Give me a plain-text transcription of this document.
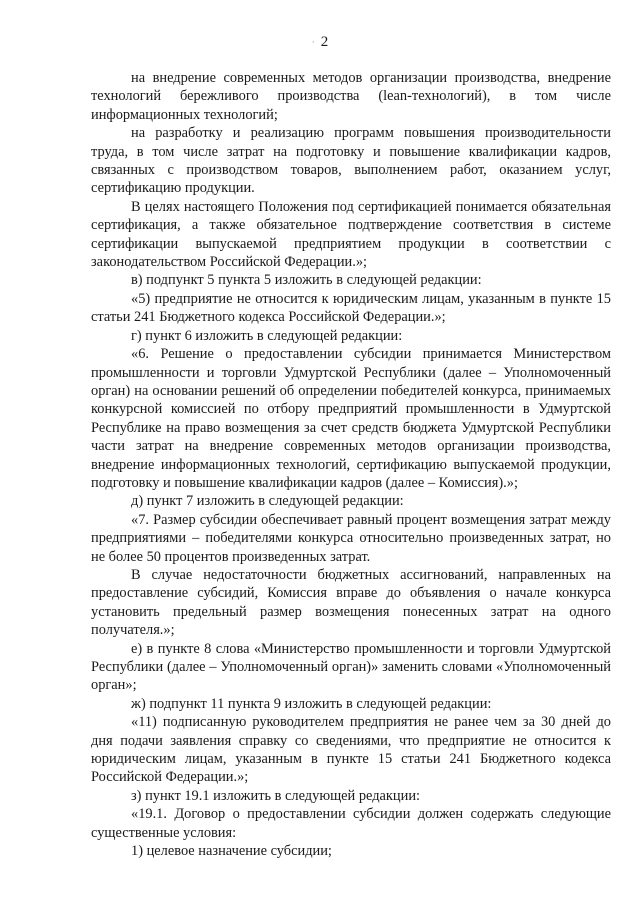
· 2

на внедрение современных методов организации производства, внедрение технологий бережливого производства (lean-технологий), в том числе информационных технологий;

на разработку и реализацию программ повышения производительности труда, в том числе затрат на подготовку и повышение квалификации кадров, связанных с производством товаров, выполнением работ, оказанием услуг, сертификацию продукции.

В целях настоящего Положения под сертификацией понимается обязательная сертификация, а также обязательное подтверждение соответствия в системе сертификации выпускаемой предприятием продукции в соответствии с законодательством Российской Федерации.»;

в) подпункт 5 пункта 5 изложить в следующей редакции:

«5) предприятие не относится к юридическим лицам, указанным в пункте 15 статьи 241 Бюджетного кодекса Российской Федерации.»;

г) пункт 6 изложить в следующей редакции:

«6. Решение о предоставлении субсидии принимается Министерством промышленности и торговли Удмуртской Республики (далее – Уполномоченный орган) на основании решений об определении победителей конкурса, принимаемых конкурсной комиссией по отбору предприятий промышленности в Удмуртской Республике на право возмещения за счет средств бюджета Удмуртской Республики части затрат на внедрение современных методов организации производства, внедрение информационных технологий, сертификацию выпускаемой продукции, подготовку и повышение квалификации кадров (далее – Комиссия).»;

д) пункт 7 изложить в следующей редакции:

«7. Размер субсидии обеспечивает равный процент возмещения затрат между предприятиями – победителями конкурса относительно произведенных затрат, но не более 50 процентов произведенных затрат.

В случае недостаточности бюджетных ассигнований, направленных на предоставление субсидий, Комиссия вправе до объявления о начале конкурса установить предельный размер возмещения понесенных затрат на одного получателя.»;

е) в пункте 8 слова «Министерство промышленности и торговли Удмуртской Республики (далее – Уполномоченный орган)» заменить словами «Уполномоченный орган»;

ж) подпункт 11 пункта 9 изложить в следующей редакции:

«11) подписанную руководителем предприятия не ранее чем за 30 дней до дня подачи заявления справку со сведениями, что предприятие не относится к юридическим лицам, указанным в пункте 15 статьи 241 Бюджетного кодекса Российской Федерации.»;

з) пункт 19.1 изложить в следующей редакции:

«19.1. Договор о предоставлении субсидии должен содержать следующие существенные условия:

1) целевое назначение субсидии;
